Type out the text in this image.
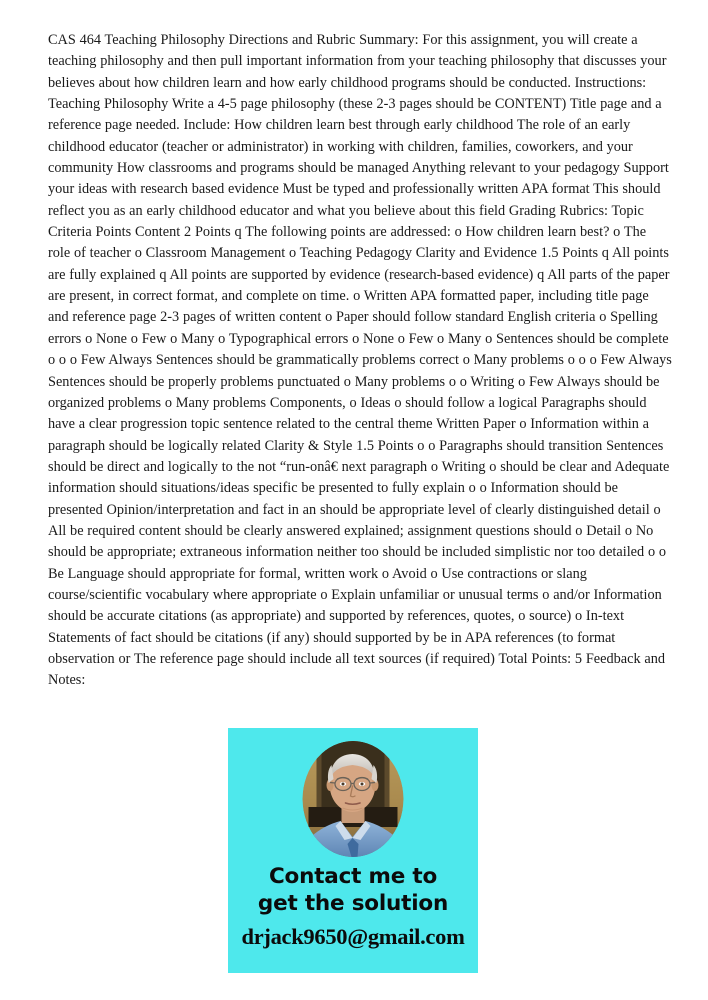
CAS 464 Teaching Philosophy Directions and Rubric Summary: For this assignment, you will create a teaching philosophy and then pull important information from your teaching philosophy that discusses your believes about how children learn and how early childhood programs should be conducted. Instructions: Teaching Philosophy Write a 4-5 page philosophy (these 2-3 pages should be CONTENT) Title page and a reference page needed. Include: How children learn best through early childhood The role of an early childhood educator (teacher or administrator) in working with children, families, coworkers, and your community How classrooms and programs should be managed Anything relevant to your pedagogy Support your ideas with research based evidence Must be typed and professionally written APA format This should reflect you as an early childhood educator and what you believe about this field Grading Rubrics: Topic Criteria Points Content 2 Points q The following points are addressed: o How children learn best? o The role of teacher o Classroom Management o Teaching Pedagogy Clarity and Evidence 1.5 Points q All points are fully explained q All points are supported by evidence (research-based evidence) q All parts of the paper are present, in correct format, and complete on time. o Written APA formatted paper, including title page and reference page 2-3 pages of written content o Paper should follow standard English criteria o Spelling errors o None o Few o Many o Typographical errors o None o Few o Many o Sentences should be complete o o o Few Always Sentences should be grammatically problems correct o Many problems o o o Few Always Sentences should be properly problems punctuated o Many problems o o Writing o Few Always should be organized problems o Many problems Components, o Ideas o should follow a logical Paragraphs should have a clear progression topic sentence related to the central theme Written Paper o Information within a paragraph should be logically related Clarity & Style 1.5 Points o o Paragraphs should transition Sentences should be direct and logically to the not “run-onâ€ next paragraph o Writing o should be clear and Adequate information should situations/ideas specific be presented to fully explain o o Information should be presented Opinion/interpretation and fact in an should be appropriate level of clearly distinguished detail o All be required content should be clearly answered explained; assignment questions should o Detail o No should be appropriate; extraneous information neither too should be included simplistic nor too detailed o o Be Language should appropriate for formal, written work o Avoid o Use contractions or slang course/scientific vocabulary where appropriate o Explain unfamiliar or unusual terms o and/or Information should be accurate citations (as appropriate) and supported by references, quotes, o source) o In-text Statements of fact should be citations (if any) should supported by be in APA references (to format observation or The reference page should include all text sources (if required) Total Points: 5 Feedback and Notes:

Contact me to
get the solution
drjack9650@gmail.com
